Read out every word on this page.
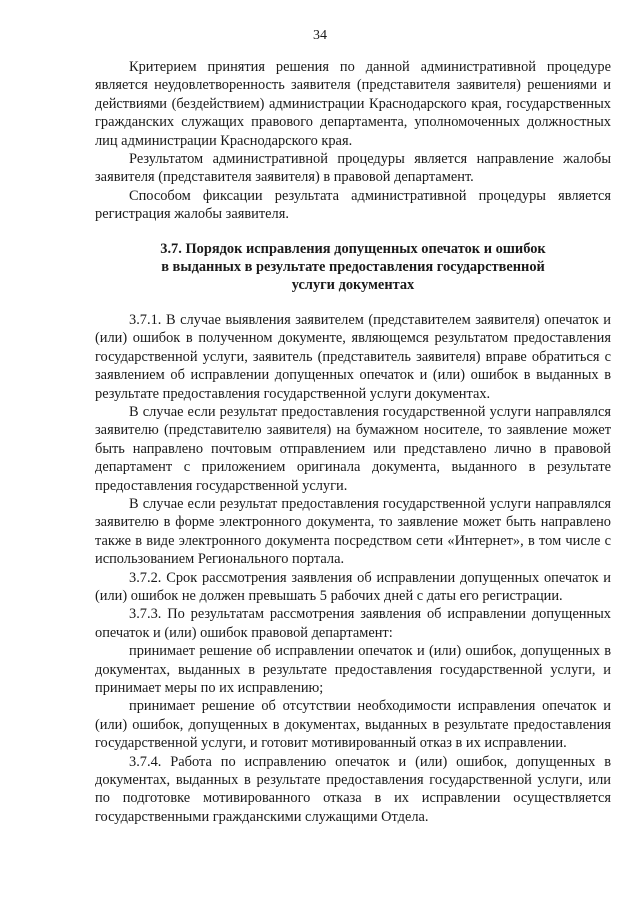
34

Критерием принятия решения по данной административной процедуре является неудовлетворенность заявителя (представителя заявителя) решениями и действиями (бездействием) администрации Краснодарского края, государственных гражданских служащих правового департамента, уполномоченных должностных лиц администрации Краснодарского края.

Результатом административной процедуры является направление жалобы заявителя (представителя заявителя) в правовой департамент.

Способом фиксации результата административной процедуры является регистрация жалобы заявителя.

3.7. Порядок исправления допущенных опечаток и ошибок
в выданных в результате предоставления государственной
услуги документах

3.7.1. В случае выявления заявителем (представителем заявителя) опечаток и (или) ошибок в полученном документе, являющемся результатом предоставления государственной услуги, заявитель (представитель заявителя) вправе обратиться с заявлением об исправлении допущенных опечаток и (или) ошибок в выданных в результате предоставления государственной услуги документах.

В случае если результат предоставления государственной услуги направлялся заявителю (представителю заявителя) на бумажном носителе, то заявление может быть направлено почтовым отправлением или представлено лично в правовой департамент с приложением оригинала документа, выданного в результате предоставления государственной услуги.

В случае если результат предоставления государственной услуги направлялся заявителю в форме электронного документа, то заявление может быть направлено также в виде электронного документа посредством сети «Интернет», в том числе с использованием Регионального портала.

3.7.2. Срок рассмотрения заявления об исправлении допущенных опечаток и (или) ошибок не должен превышать 5 рабочих дней с даты его регистрации.

3.7.3. По результатам рассмотрения заявления об исправлении допущенных опечаток и (или) ошибок правовой департамент:

принимает решение об исправлении опечаток и (или) ошибок, допущенных в документах, выданных в результате предоставления государственной услуги, и принимает меры по их исправлению;

принимает решение об отсутствии необходимости исправления опечаток и (или) ошибок, допущенных в документах, выданных в результате предоставления государственной услуги, и готовит мотивированный отказ в их исправлении.

3.7.4. Работа по исправлению опечаток и (или) ошибок, допущенных в документах, выданных в результате предоставления государственной услуги, или по подготовке мотивированного отказа в их исправлении осуществляется государственными гражданскими служащими Отдела.
